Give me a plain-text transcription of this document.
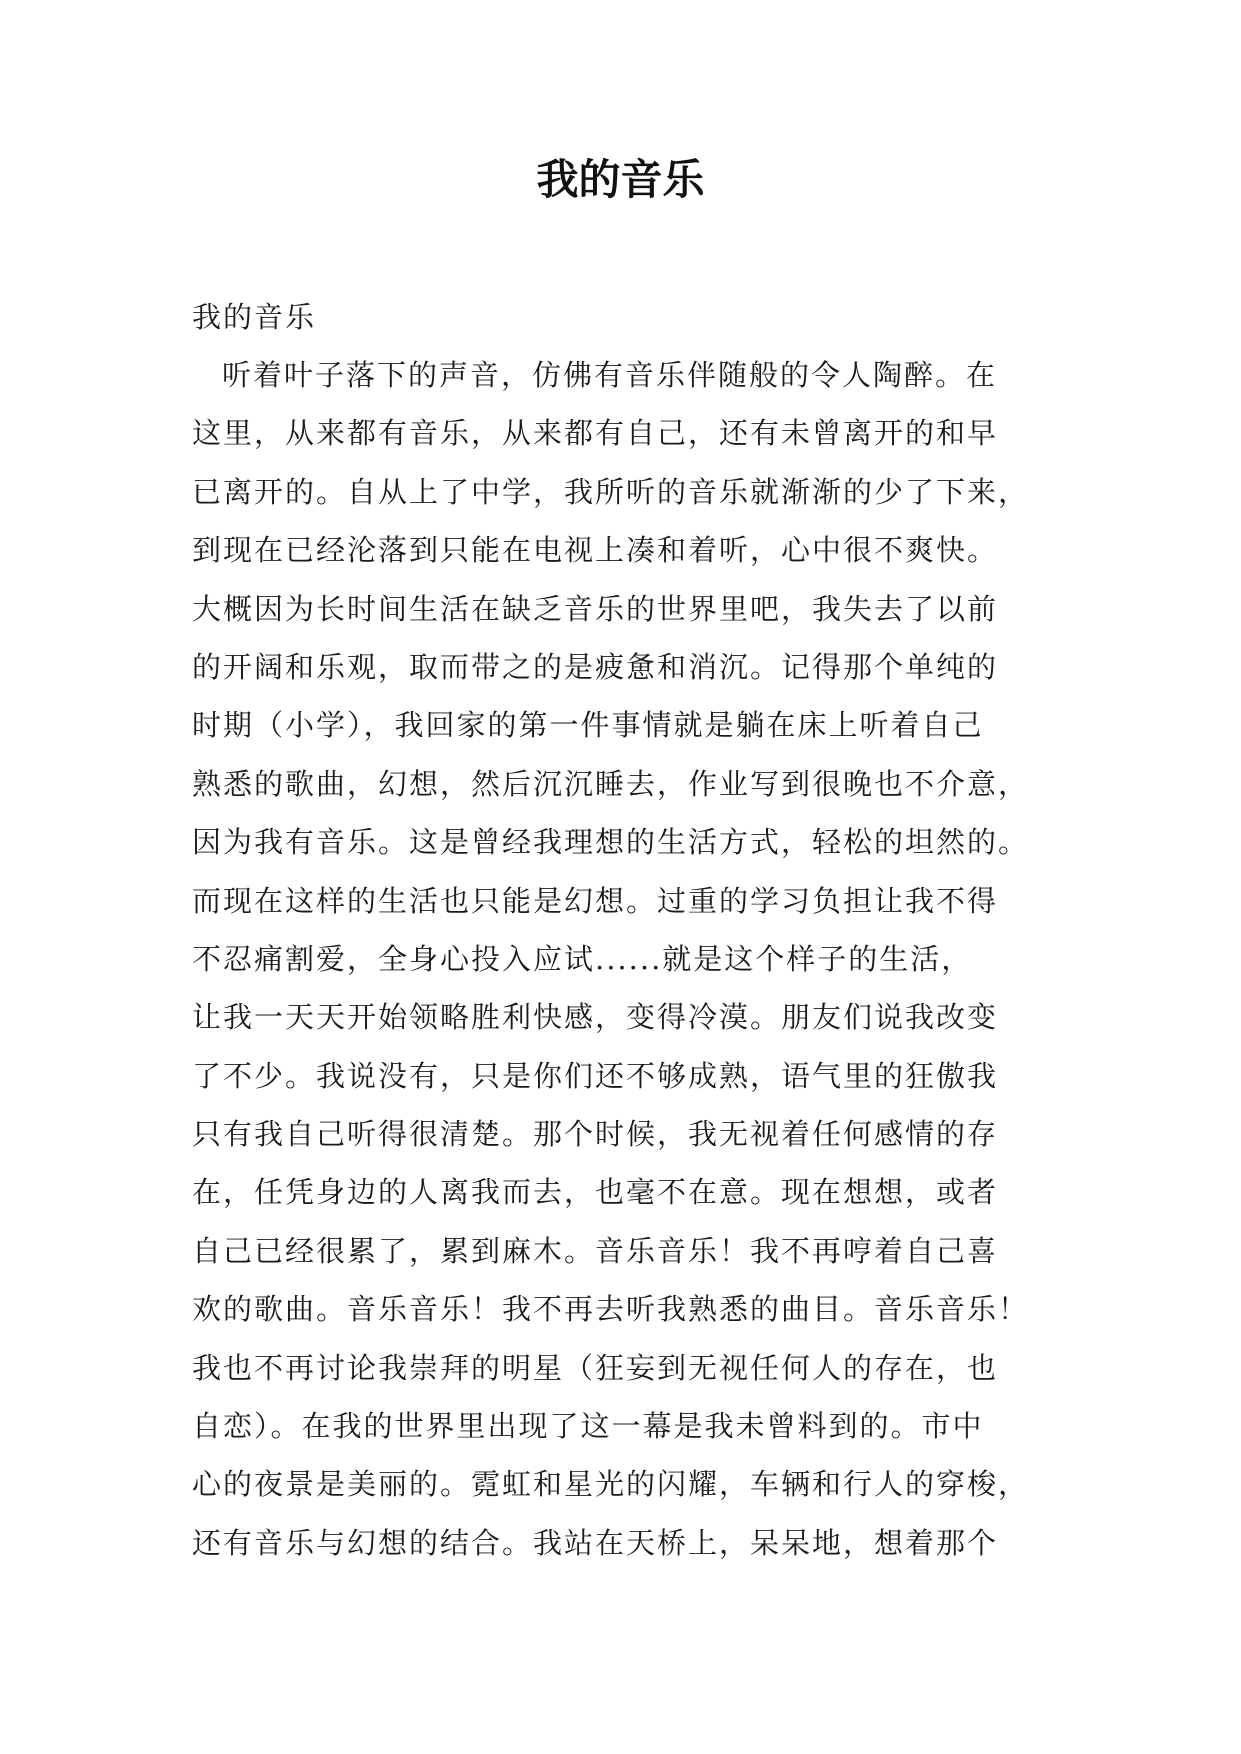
我的音乐

我的音乐

听着叶子落下的声音，仿佛有音乐伴随般的令人陶醉。在
这里，从来都有音乐，从来都有自己，还有未曾离开的和早
已离开的。自从上了中学，我所听的音乐就渐渐的少了下来，
到现在已经沦落到只能在电视上凑和着听，心中很不爽快。
大概因为长时间生活在缺乏音乐的世界里吧，我失去了以前
的开阔和乐观，取而带之的是疲惫和消沉。记得那个单纯的
时期（小学），我回家的第一件事情就是躺在床上听着自己
熟悉的歌曲，幻想，然后沉沉睡去，作业写到很晚也不介意，
因为我有音乐。这是曾经我理想的生活方式，轻松的坦然的。
而现在这样的生活也只能是幻想。过重的学习负担让我不得
不忍痛割爱，全身心投入应试......就是这个样子的生活，
让我一天天开始领略胜利快感，变得冷漠。朋友们说我改变
了不少。我说没有，只是你们还不够成熟，语气里的狂傲我
只有我自己听得很清楚。那个时候，我无视着任何感情的存
在，任凭身边的人离我而去，也毫不在意。现在想想，或者
自己已经很累了，累到麻木。音乐音乐！我不再哼着自己喜
欢的歌曲。音乐音乐！我不再去听我熟悉的曲目。音乐音乐！
我也不再讨论我崇拜的明星（狂妄到无视任何人的存在，也
自恋）。在我的世界里出现了这一幕是我未曾料到的。市中
心的夜景是美丽的。霓虹和星光的闪耀，车辆和行人的穿梭，
还有音乐与幻想的结合。我站在天桥上，呆呆地，想着那个
